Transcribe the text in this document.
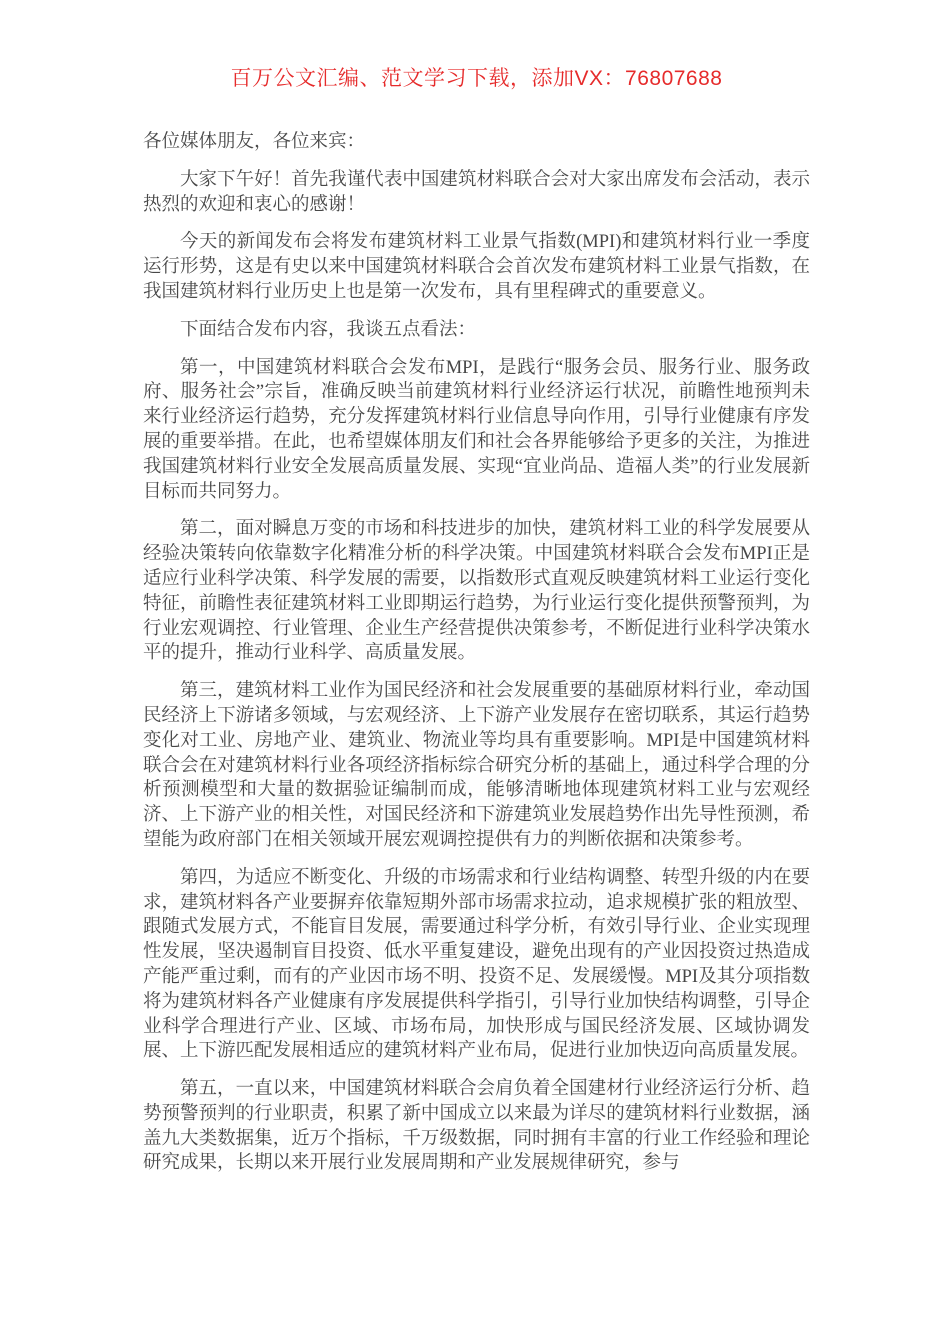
百万公文汇编、范文学习下载，添加VX：76807688

各位媒体朋友，各位来宾：

大家下午好！首先我谨代表中国建筑材料联合会对大家出席发布会活动，表示热烈的欢迎和衷心的感谢！

今天的新闻发布会将发布建筑材料工业景气指数(MPI)和建筑材料行业一季度运行形势，这是有史以来中国建筑材料联合会首次发布建筑材料工业景气指数，在我国建筑材料行业历史上也是第一次发布，具有里程碑式的重要意义。

下面结合发布内容，我谈五点看法：

第一，中国建筑材料联合会发布MPI，是践行“服务会员、服务行业、服务政府、服务社会”宗旨，准确反映当前建筑材料行业经济运行状况，前瞻性地预判未来行业经济运行趋势，充分发挥建筑材料行业信息导向作用，引导行业健康有序发展的重要举措。在此，也希望媒体朋友们和社会各界能够给予更多的关注，为推进我国建筑材料行业安全发展高质量发展、实现“宜业尚品、造福人类”的行业发展新目标而共同努力。

第二，面对瞬息万变的市场和科技进步的加快，建筑材料工业的科学发展要从经验决策转向依靠数字化精准分析的科学决策。中国建筑材料联合会发布MPI正是适应行业科学决策、科学发展的需要，以指数形式直观反映建筑材料工业运行变化特征，前瞻性表征建筑材料工业即期运行趋势，为行业运行变化提供预警预判，为行业宏观调控、行业管理、企业生产经营提供决策参考，不断促进行业科学决策水平的提升，推动行业科学、高质量发展。

第三，建筑材料工业作为国民经济和社会发展重要的基础原材料行业，牵动国民经济上下游诸多领域，与宏观经济、上下游产业发展存在密切联系，其运行趋势变化对工业、房地产业、建筑业、物流业等均具有重要影响。MPI是中国建筑材料联合会在对建筑材料行业各项经济指标综合研究分析的基础上，通过科学合理的分析预测模型和大量的数据验证编制而成，能够清晰地体现建筑材料工业与宏观经济、上下游产业的相关性，对国民经济和下游建筑业发展趋势作出先导性预测，希望能为政府部门在相关领域开展宏观调控提供有力的判断依据和决策参考。

第四，为适应不断变化、升级的市场需求和行业结构调整、转型升级的内在要求，建筑材料各产业要摒弃依靠短期外部市场需求拉动，追求规模扩张的粗放型、跟随式发展方式，不能盲目发展，需要通过科学分析，有效引导行业、企业实现理性发展，坚决遏制盲目投资、低水平重复建设，避免出现有的产业因投资过热造成产能严重过剩，而有的产业因市场不明、投资不足、发展缓慢。MPI及其分项指数将为建筑材料各产业健康有序发展提供科学指引，引导行业加快结构调整，引导企业科学合理进行产业、区域、市场布局，加快形成与国民经济发展、区域协调发展、上下游匹配发展相适应的建筑材料产业布局，促进行业加快迈向高质量发展。

第五，一直以来，中国建筑材料联合会肩负着全国建材行业经济运行分析、趋势预警预判的行业职责，积累了新中国成立以来最为详尽的建筑材料行业数据，涵盖九大类数据集，近万个指标，千万级数据，同时拥有丰富的行业工作经验和理论研究成果，长期以来开展行业发展周期和产业发展规律研究，参与
